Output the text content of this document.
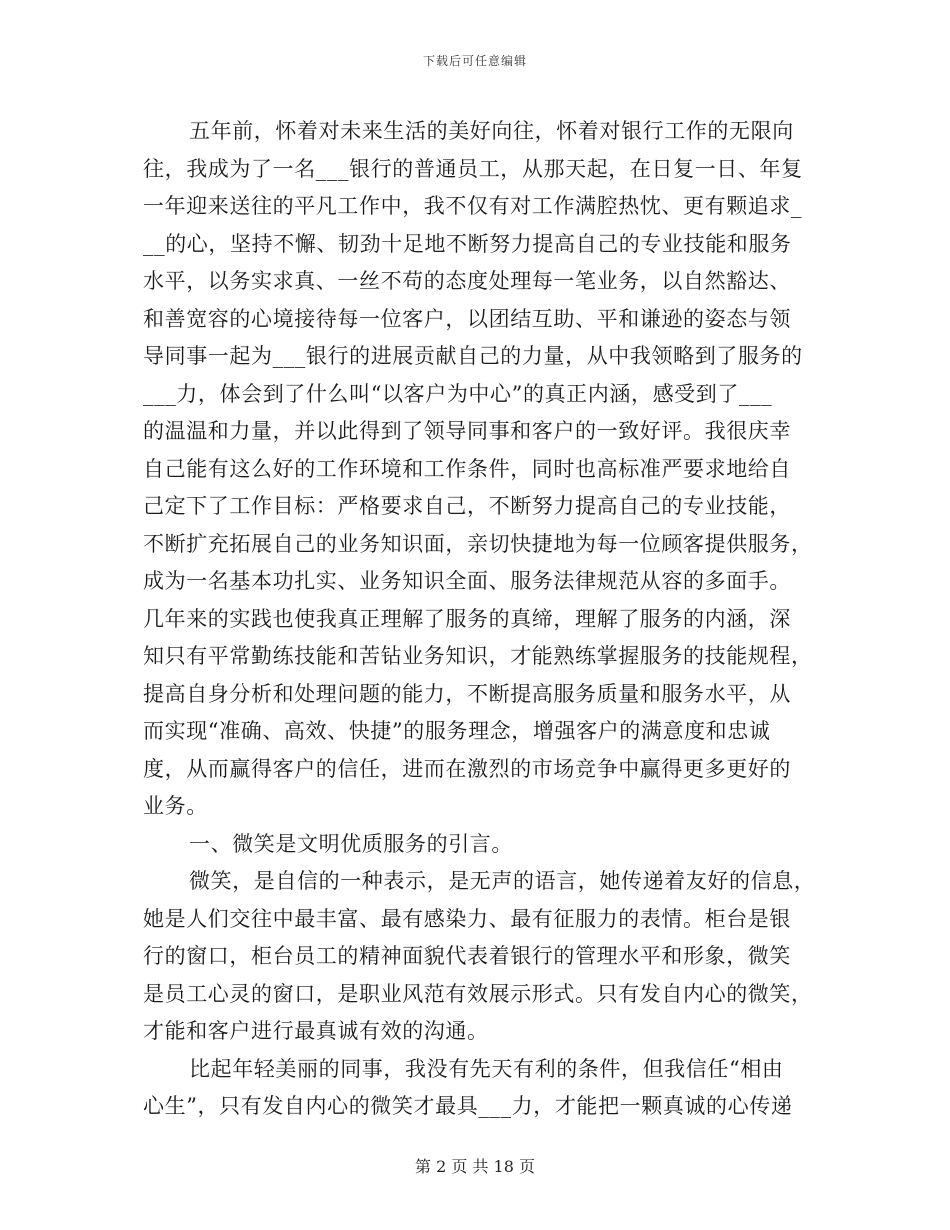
下载后可任意编辑
五年前，怀着对未来生活的美好向往，怀着对银行工作的无限向
往，我成为了一名___银行的普通员工，从那天起，在日复一日、年复
一年迎来送往的平凡工作中，我不仅有对工作满腔热忱、更有颗追求_
__的心，坚持不懈、韧劲十足地不断努力提高自己的专业技能和服务
水平，以务实求真、一丝不苟的态度处理每一笔业务，以自然豁达、
和善宽容的心境接待每一位客户，以团结互助、平和谦逊的姿态与领
导同事一起为___银行的进展贡献自己的力量，从中我领略到了服务的
___力，体会到了什么叫“以客户为中心”的真正内涵，感受到了___
的温温和力量，并以此得到了领导同事和客户的一致好评。我很庆幸
自己能有这么好的工作环境和工作条件，同时也高标准严要求地给自
己定下了工作目标：严格要求自己，不断努力提高自己的专业技能，
不断扩充拓展自己的业务知识面，亲切快捷地为每一位顾客提供服务，
成为一名基本功扎实、业务知识全面、服务法律规范从容的多面手。
几年来的实践也使我真正理解了服务的真缔，理解了服务的内涵，深
知只有平常勤练技能和苦钻业务知识，才能熟练掌握服务的技能规程，
提高自身分析和处理问题的能力，不断提高服务质量和服务水平，从
而实现“准确、高效、快捷”的服务理念，增强客户的满意度和忠诚
度，从而赢得客户的信任，进而在激烈的市场竞争中赢得更多更好的
业务。
一、微笑是文明优质服务的引言。
微笑，是自信的一种表示，是无声的语言，她传递着友好的信息，
她是人们交往中最丰富、最有感染力、最有征服力的表情。柜台是银
行的窗口，柜台员工的精神面貌代表着银行的管理水平和形象，微笑
是员工心灵的窗口，是职业风范有效展示形式。只有发自内心的微笑，
才能和客户进行最真诚有效的沟通。
比起年轻美丽的同事，我没有先天有利的条件，但我信任“相由
心生”，只有发自内心的微笑才最具___力，才能把一颗真诚的心传递
第 2 页 共 18 页
